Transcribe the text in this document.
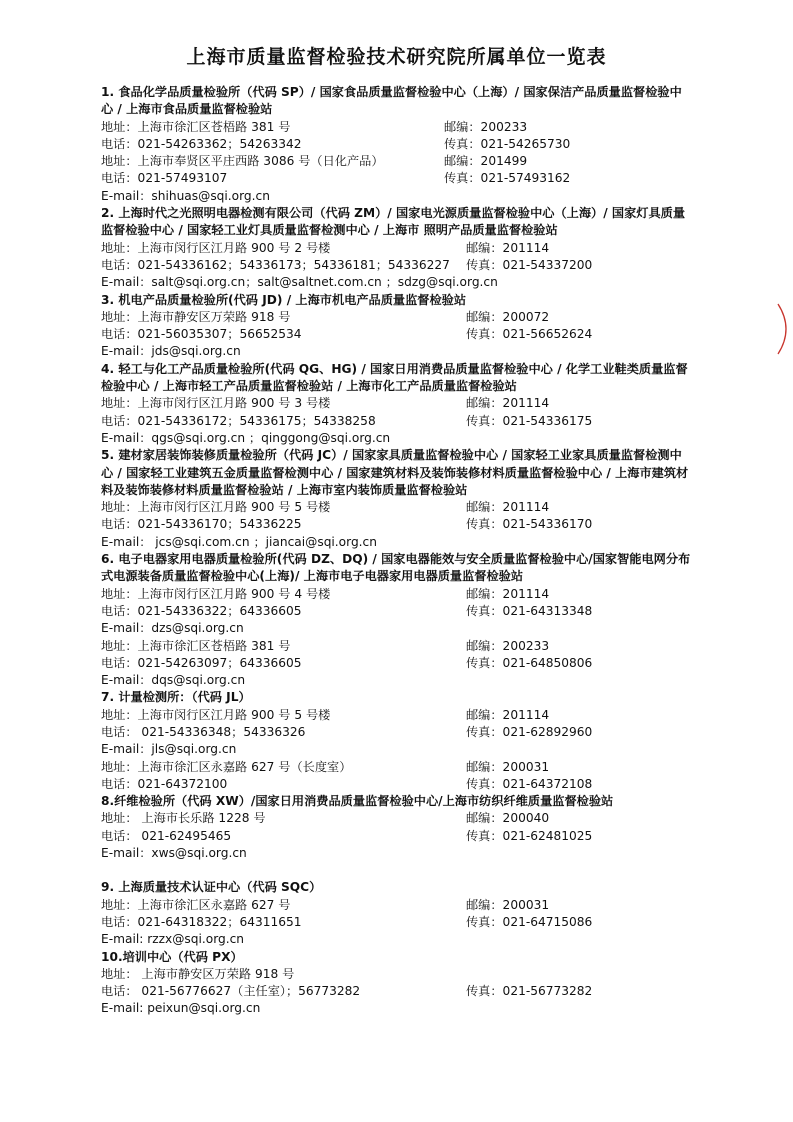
上海市质量监督检验技术研究院所属单位一览表
1. 食品化学品质量检验所（代码 SP）/ 国家食品质量监督检验中心（上海）/ 国家保洁产品质量监督检验中心 / 上海市食品质量监督检验站
地址：上海市徐汇区苍梧路 381 号	邮编：200233
电话：021-54263362；54263342	传真：021-54265730
地址：上海市奉贤区平庄西路 3086 号（日化产品）	邮编：201499
电话：021-57493107	传真：021-57493162
E-mail：shihuas@sqi.org.cn
2. 上海时代之光照明电器检测有限公司（代码 ZM）/ 国家电光源质量监督检验中心（上海）/ 国家灯具质量监督检验中心 / 国家轻工业灯具质量监督检测中心 / 上海市 照明产品质量监督检验站
地址：上海市闵行区江月路 900 号 2 号楼	邮编：201114
电话：021-54336162；54336173；54336181；54336227	传真：021-54337200
E-mail：salt@sqi.org.cn；salt@saltnet.com.cn ；sdzg@sqi.org.cn
3. 机电产品质量检验所(代码 JD) / 上海市机电产品质量监督检验站
地址：上海市静安区万荣路 918 号	邮编：200072
电话：021-56035307；56652534	传真：021-56652624
E-mail：jds@sqi.org.cn
4. 轻工与化工产品质量检验所(代码 QG、HG) / 国家日用消费品质量监督检验中心 / 化学工业鞋类质量监督检验中心 / 上海市轻工产品质量监督检验站 / 上海市化工产品质量监督检验站
地址：上海市闵行区江月路 900 号 3 号楼	邮编：201114
电话：021-54336172；54336175；54338258	传真：021-54336175
E-mail：qgs@sqi.org.cn ；qinggong@sqi.org.cn
5. 建材家居装饰装修质量检验所（代码 JC）/ 国家家具质量监督检验中心 / 国家轻工业家具质量监督检测中心 / 国家轻工业建筑五金质量监督检测中心 / 国家建筑材料及装饰装修材料质量监督检验中心 / 上海市建筑材料及装饰装修材料质量监督检验站 / 上海市室内装饰质量监督检验站
地址：上海市闵行区江月路 900 号 5 号楼	邮编：201114
电话：021-54336170；54336225	传真：021-54336170
E-mail： jcs@sqi.com.cn ；jiancai@sqi.org.cn
6. 电子电器家用电器质量检验所(代码 DZ、DQ) / 国家电器能效与安全质量监督检验中心/国家智能电网分布式电源装备质量监督检验中心(上海)/ 上海市电子电器家用电器质量监督检验站
地址：上海市闵行区江月路 900 号 4 号楼	邮编：201114
电话：021-54336322；64336605	传真：021-64313348
E-mail：dzs@sqi.org.cn
地址：上海市徐汇区苍梧路 381 号	邮编：200233
电话：021-54263097；64336605	传真：021-64850806
E-mail：dqs@sqi.org.cn
7. 计量检测所：（代码 JL）
地址：上海市闵行区江月路 900 号 5 号楼	邮编：201114
电话： 021-54336348；54336326	传真：021-62892960
E-mail：jls@sqi.org.cn
地址：上海市徐汇区永嘉路 627 号（长度室）	邮编：200031
电话：021-64372100	传真：021-64372108
8.纤维检验所（代码 XW）/国家日用消费品质量监督检验中心/上海市纺织纤维质量监督检验站
地址： 上海市长乐路 1228 号	邮编：200040
电话： 021-62495465	传真：021-62481025
E-mail：xws@sqi.org.cn
9. 上海质量技术认证中心（代码 SQC）
地址：上海市徐汇区永嘉路 627 号	邮编：200031
电话：021-64318322；64311651	传真：021-64715086
E-mail: rzzx@sqi.org.cn
10.培训中心（代码 PX）
地址： 上海市静安区万荣路 918 号
电话： 021-56776627（主任室）；56773282	传真：021-56773282
E-mail: peixun@sqi.org.cn
